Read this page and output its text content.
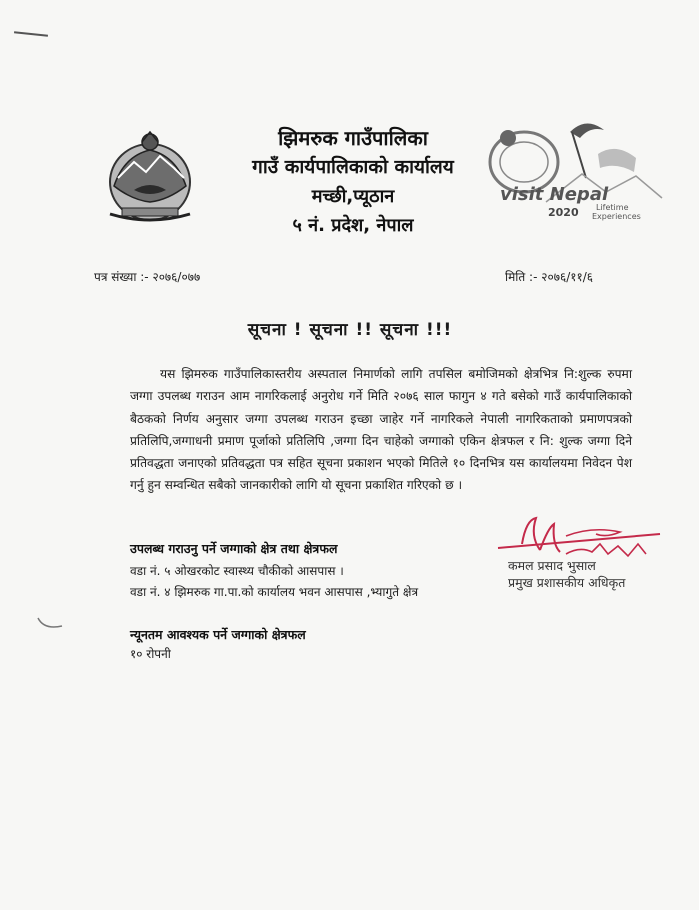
झिमरुक गाउँपालिका
गाउँ कार्यपालिकाको कार्यालय
मच्छी,प्यूठान
५ नं. प्रदेश, नेपाल
visit Nepal
2020 Lifetime
Experiences
पत्र संख्या :- २०७६/०७७	मिति :- २०७६/११/६
सूचना ! सूचना !! सूचना !!!
यस झिमरुक गाउँपालिकास्तरीय अस्पताल निमार्णको लागि तपसिल बमोजिमको क्षेत्रभित्र नि:शुल्क रुपमा जग्गा उपलब्ध गराउन आम नागरिकलाई अनुरोध गर्ने मिति २०७६ साल फागुन ४ गते बसेको गाउँ कार्यपालिकाको बैठकको निर्णय अनुसार जग्गा उपलब्ध गराउन इच्छा जाहेर गर्ने नागरिकले नेपाली नागरिकताको प्रमाणपत्रको प्रतिलिपि,जग्गाधनी प्रमाण पूर्जाको प्रतिलिपि ,जग्गा दिन चाहेको जग्गाको एकिन क्षेत्रफल र नि: शुल्क जग्गा दिने प्रतिवद्धता जनाएको प्रतिवद्धता पत्र सहित सूचना प्रकाशन भएको मितिले १० दिनभित्र यस कार्यालयमा निवेदन पेश गर्नु हुन सम्वन्धित सबैको जानकारीको लागि यो सूचना प्रकाशित गरिएको छ ।
उपलब्ध गराउनु पर्ने जग्गाको क्षेत्र तथा क्षेत्रफल
वडा नं. ५ ओखरकोट स्वास्थ्य चौकीको आसपास ।
वडा नं. ४ झिमरुक गा.पा.को कार्यालय भवन आसपास ,भ्यागुते क्षेत्र
कमल प्रसाद भुसाल
प्रमुख प्रशासकीय अधिकृत
न्यूनतम आवश्यक पर्ने जग्गाको क्षेत्रफल
१० रोपनी
